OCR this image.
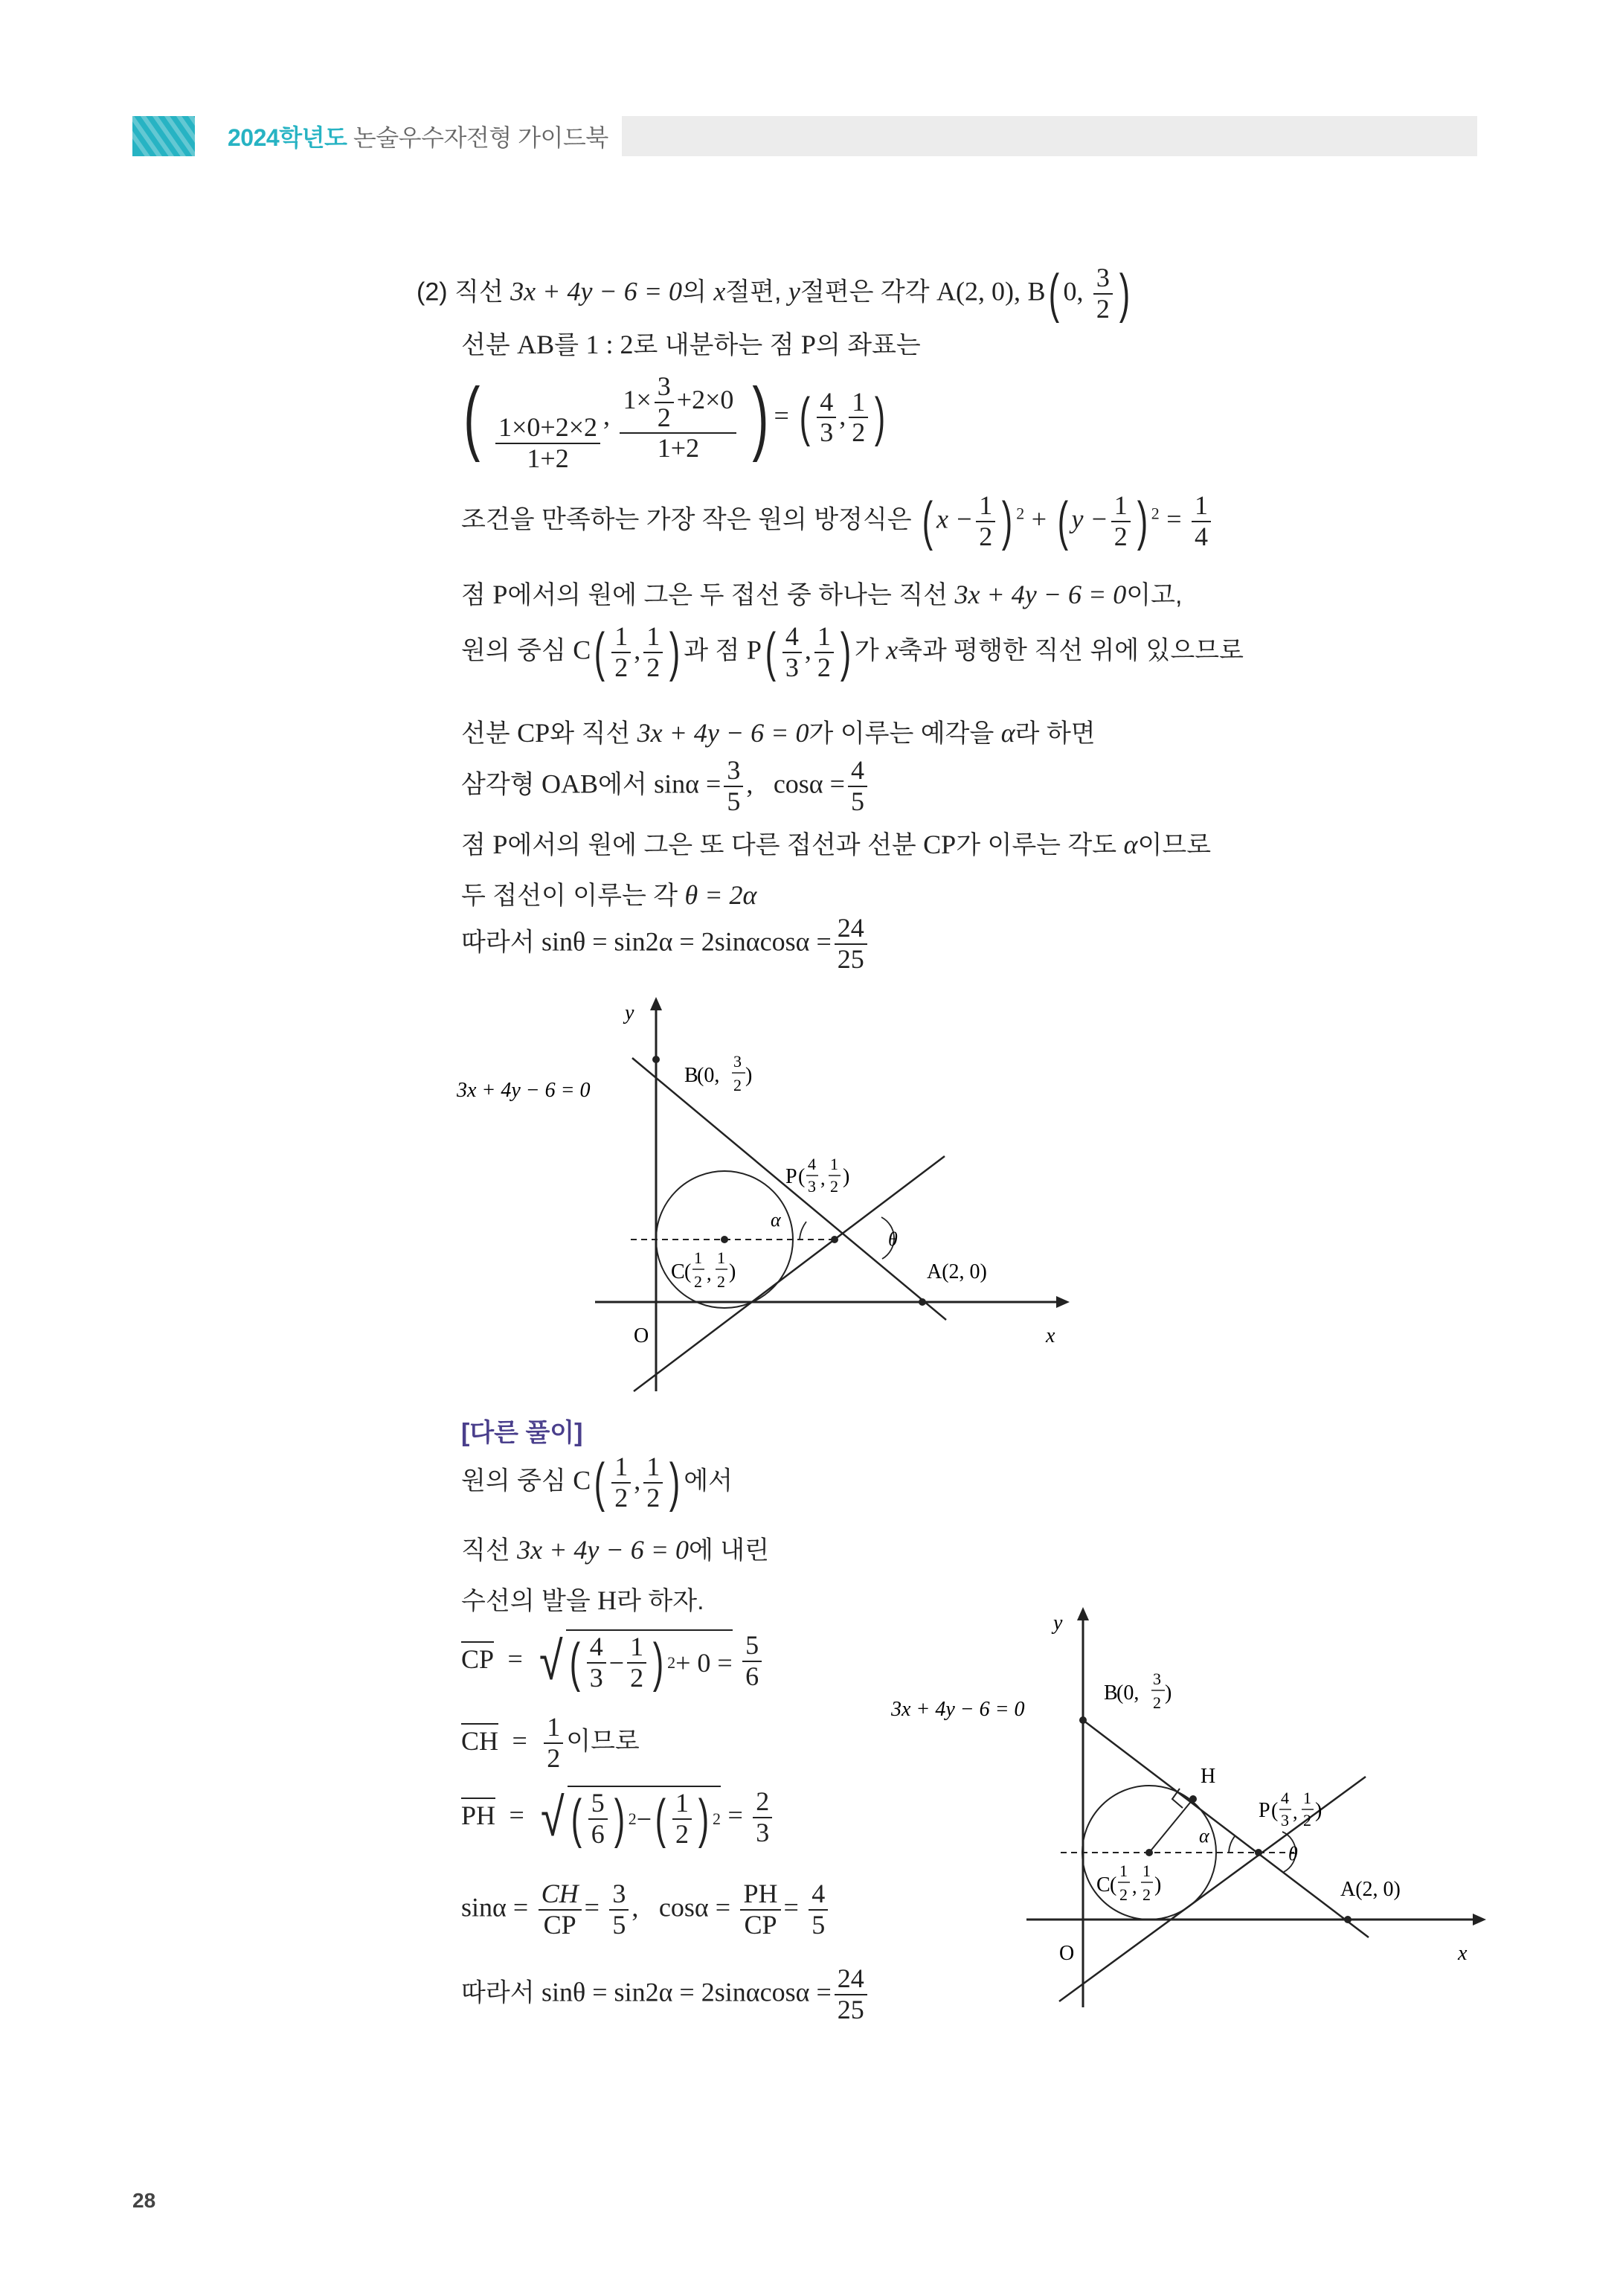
2024학년도 논술우수자전형 가이드북
(2) 직선 3x + 4y − 6 = 0의 x절편, y절편은 각각 A(2, 0), B( 0, $\frac{3}{2}$ )
선분 AB를 1 : 2로 내분하는 점 P의 좌표는
( $\frac{1\times 0+2\times 2}{1+2}$ , $\frac{1\times \frac{3}{2} +2\times 0}{1+2}$ ) = ( $\frac{4}{3}$ , $\frac{1}{2}$ )
조건을 만족하는 가장 작은 원의 방정식은 ( $x - \frac{1}{2}$ ) $^2$ + ( $y - \frac{1}{2}$ ) $^2 = \frac{1}{4}$
점 P에서의 원에 그은 두 접선 중 하나는 직선 3x + 4y − 6 = 0이고,
원의 중심 $C( \frac{1}{2}$ , $\frac{1}{2}$ ) 과 점 $P( \frac{4}{3}$ , $\frac{1}{2}$ ) 가 x축과 평행한 직선 위에 있으므로
선분 CP와 직선 3x + 4y − 6 = 0가 이루는 예각을 α라 하면
삼각형 OAB에서 $\sin\alpha = \frac{3}{5}$ ,   $\cos\alpha = \frac{4}{5}$
점 P에서의 원에 그은 또 다른 접선과 선분 CP가 이루는 각도 α이므로
두 접선이 이루는 각 θ = 2α
따라서 $\sin\theta = \sin 2\alpha = 2\sin\alpha\cos\alpha = \frac{24}{25}$
3x + 4y − 6 = 0
B
(0,
3
2 )
P (
4
3 ,
1
2 )
α
θ
C (
1
2 ,
1
2 )	A(2, 0)
O	x
y
[다른 풀이]
원의 중심 $C( \frac{1}{2}$ , $\frac{1}{2}$ ) 에서
직선 3x + 4y − 6 = 0에 내린
수선의 발을 H라 하자.
CP  = √ ( $\frac{4}{3} - \frac{1}{2}$ ) 2 + 0 =
$\frac{5}{6}$
CH  = $\frac{1}{2}$ 이므로
PH  = √ ( $\frac{5}{6}$ ) 2 − ( $\frac{1}{2}$ ) $2 = \frac{2}{3}$
$\sin\alpha = \frac{CH}{CP} = \frac{3}{5}$ ,   $\cos\alpha = \frac{PH}{CP} = \frac{4}{5}$
따라서 $\sin\theta = \sin 2\alpha = 2\sin\alpha\cos\alpha = \frac{24}{25}$
3x + 4y − 6 = 0
B
(0,
3
2 )
H
P (
4
3 ,
1
2 )
α
θ
C (
1
2 ,
1
2 )	A(2, 0)
O	x
y
28
